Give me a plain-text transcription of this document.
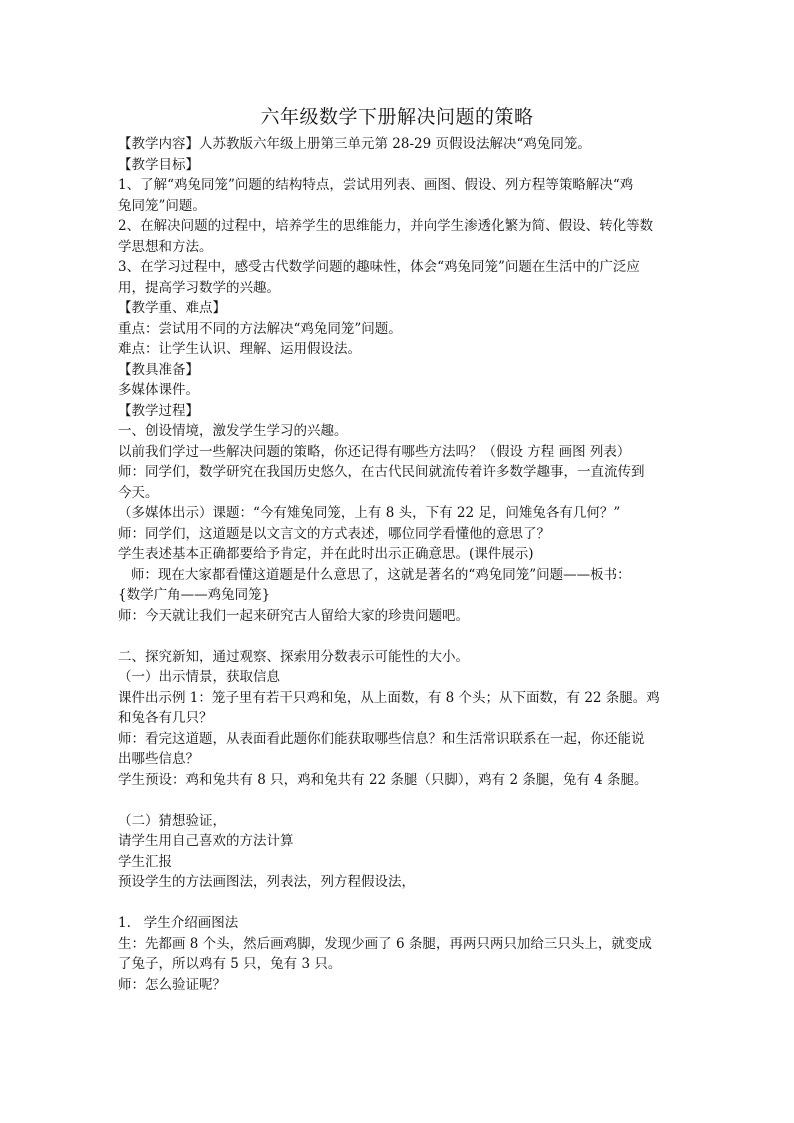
六年级数学下册解决问题的策略
【教学内容】人苏教版六年级上册第三单元第 28-29 页假设法解决“鸡兔同笼。
【教学目标】
1、了解“鸡兔同笼”问题的结构特点，尝试用列表、画图、假设、列方程等策略解决“鸡
兔同笼”问题。
2、在解决问题的过程中，培养学生的思维能力，并向学生渗透化繁为简、假设、转化等数
学思想和方法。
3、在学习过程中，感受古代数学问题的趣味性，体会“鸡兔同笼”问题在生活中的广泛应
用，提高学习数学的兴趣。
【教学重、难点】
重点：尝试用不同的方法解决“鸡兔同笼”问题。
难点：让学生认识、理解、运用假设法。
【教具准备】
多媒体课件。
【教学过程】
一、创设情境，激发学生学习的兴趣。
以前我们学过一些解决问题的策略，你还记得有哪些方法吗？（假设 方程 画图 列表）
师：同学们，数学研究在我国历史悠久，在古代民间就流传着许多数学趣事，一直流传到
今天。
（多媒体出示）课题：“今有雉兔同笼，上有 8 头，下有 22 足，问雉兔各有几何？”
师：同学们，这道题是以文言文的方式表述，哪位同学看懂他的意思了？
学生表述基本正确都要给予肯定，并在此时出示正确意思。(课件展示)
师：现在大家都看懂这道题是什么意思了，这就是著名的“鸡兔同笼”问题——板书：
{数学广角——鸡兔同笼}
师：今天就让我们一起来研究古人留给大家的珍贵问题吧。
二、探究新知，通过观察、探索用分数表示可能性的大小。
（一）出示情景，获取信息
课件出示例 1：笼子里有若干只鸡和兔，从上面数，有 8 个头；从下面数，有 22 条腿。鸡
和兔各有几只？
师：看完这道题，从表面看此题你们能获取哪些信息？和生活常识联系在一起，你还能说
出哪些信息？
学生预设：鸡和兔共有 8 只，鸡和兔共有 22 条腿（只脚），鸡有 2 条腿，兔有 4 条腿。
（二）猜想验证，
请学生用自己喜欢的方法计算
学生汇报
预设学生的方法画图法，列表法，列方程假设法，
1.   学生介绍画图法
生：先都画 8 个头，然后画鸡脚，发现少画了 6 条腿，再两只两只加给三只头上，就变成
了兔子，所以鸡有 5 只，兔有 3 只。
师：怎么验证呢？
